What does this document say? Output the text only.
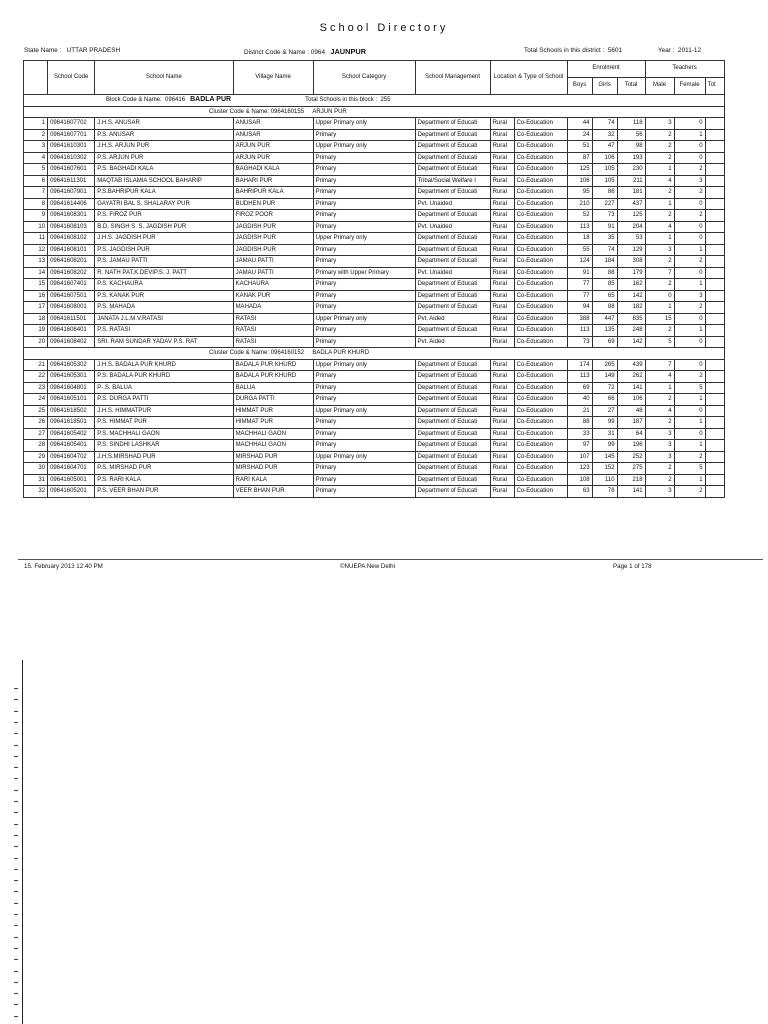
School Directory
State Name : UTTAR PRADESH	District Code & Name : 0964 JAUNPUR	Total Schools in this district : 5601	Year : 2011-12
	School Code	School Name	Village Name	School Category	School Management	Location & Type of School		Enrolment			Teachers		
								Boys	Girls	Total	Male	Female	Tot
Block Code & Name: 096416 BADLA PUR			Total Schools in this block : 255										
Cluster Code & Name: 0964160155 ARJUN PUR													
1	09641607702	J.H.S. ANUSAR	ANUSAR	Upper Primary only	Department of Educati	Rural	Co-Education	44	74	118	3	0	
2	09641607701	P.S. ANUSAR	ANUSAR	Primary	Department of Educati	Rural	Co-Education	24	32	56	2	1	
3	09641610301	J.H.S. ARJUN PUR	ARJUN PUR	Upper Primary only	Department of Educati	Rural	Co-Education	51	47	98	2	0	
4	09641610302	P.S. ARJUN PUR	ARJUN PUR	Primary	Department of Educati	Rural	Co-Education	87	106	193	2	0	
5	09641607601	P.S. BAGHADI KALA	BAGHADI KALA	Primary	Department of Educati	Rural	Co-Education	125	105	230	1	2	
6	09641611301	MAQTAB ISLAMIA SCHOOL BAHARIP	BAHARI PUR	Primary	Tribal/Social Welfare I	Rural	Co-Education	106	105	211	4	3	
7	09641607901	P.S.BAHRIPUR KALA	BAHRIPUR KALA	Primary	Department of Educati	Rural	Co-Education	95	86	181	2	2	
8	09641614406	GAYATRI BAL S. SHALARAY PUR	BUDHEN PUR	Primary	Pvt. Unaided	Rural	Co-Education	210	227	437	1	0	
9	09641608301	P.S. FIROZ PUR	FIROZ POOR	Primary	Department of Educati	Rural	Co-Education	52	73	125	2	2	
10	09641608103	B.D. SINGH S. S. JAGDISH PUR	JAGDISH PUR	Primary	Pvt. Unaided	Rural	Co-Education	113	91	204	4	0	
11	09641608102	J.H.S. JAGDISH PUR	JAGDISH PUR	Upper Primary only	Department of Educati	Rural	Co-Education	18	35	53	1	0	
12	09641608101	P.S. JAGDISH PUR	JAGDISH PUR	Primary	Department of Educati	Rural	Co-Education	55	74	129	3	1	
13	09641608201	P.S. JAMAU PATTI	JAMAU PATTI	Primary	Department of Educati	Rural	Co-Education	124	184	308	2	2	
14	09641608202	R. NATH PAT.K.DEVIP.S. J. PATT	JAMAU PATTI	Primary with Upper Primary	Pvt. Unaided	Rural	Co-Education	91	88	179	7	0	
15	09641607401	P.S. KACHAURA	KACHAURA	Primary	Department of Educati	Rural	Co-Education	77	85	162	2	1	
16	09641607501	P.S. KANAK PUR	KANAK PUR	Primary	Department of Educati	Rural	Co-Education	77	65	142	0	3	
17	09641608001	P.S. MAHADA	MAHADA	Primary	Department of Educati	Rural	Co-Education	94	88	182	1	2	
18	09641611501	JANATA J.L.M.V.RATASI	RATASI	Upper Primary only	Pvt. Aided	Rural	Co-Education	388	447	835	15	0	
19	09641608401	P.S. RATASI	RATASI	Primary	Department of Educati	Rural	Co-Education	113	135	248	2	1	
20	09641608402	SRI. RAM SUNDAR YADAV P.S. RAT	RATASI	Primary	Pvt. Aided	Rural	Co-Education	73	69	142	5	0	
Cluster Code & Name: 0964160152 BADLA PUR KHURD													
21	09641605302	J.H.S. BADALA PUR KHURD	BADALA PUR KHURD	Upper Primary only	Department of Educati	Rural	Co-Education	174	265	439	7	0	
22	09641605301	P.S. BADALA PUR KHURD	BADALA PUR KHURD	Primary	Department of Educati	Rural	Co-Education	113	149	262	4	2	
23	09641604801	P-.S. BALUA	BALUA	Primary	Department of Educati	Rural	Co-Education	69	72	141	1	5	
24	09641605101	P.S. DURGA PATTI	DURGA PATTI	Primary	Department of Educati	Rural	Co-Education	40	66	106	2	1	
25	09641618502	J.H.S. HIMMATPUR	HIMMAT PUR	Upper Primary only	Department of Educati	Rural	Co-Education	21	27	48	4	0	
26	09641618501	P.S. HIMMAT PUR	HIMMAT PUR	Primary	Department of Educati	Rural	Co-Education	88	99	187	2	1	
27	09641605402	P.S. MACHHALI GAON	MACHHALI GAON	Primary	Department of Educati	Rural	Co-Education	33	31	64	3	0	
28	09641605401	P.S. SINDHI LASHKAR	MACHHALI GAON	Primary	Department of Educati	Rural	Co-Education	97	99	196	3	1	
29	09641604702	J.H.S.MIRSHAD PUR	MIRSHAD PUR	Upper Primary only	Department of Educati	Rural	Co-Education	107	145	252	3	2	
30	09641604701	P.S. MIRSHAD PUR	MIRSHAD PUR	Primary	Department of Educati	Rural	Co-Education	123	152	275	2	5	
31	09641605001	P.S. RARI KALA	RARI KALA	Primary	Department of Educati	Rural	Co-Education	108	110	218	2	1	
32	09641605201	P.S. VEER BHAN PUR	VEER BHAN PUR	Primary	Department of Educati	Rural	Co-Education	63	78	141	3	2	
15. February 2013 12:40 PM	©NUEPA New Delhi	Page 1 of 178
